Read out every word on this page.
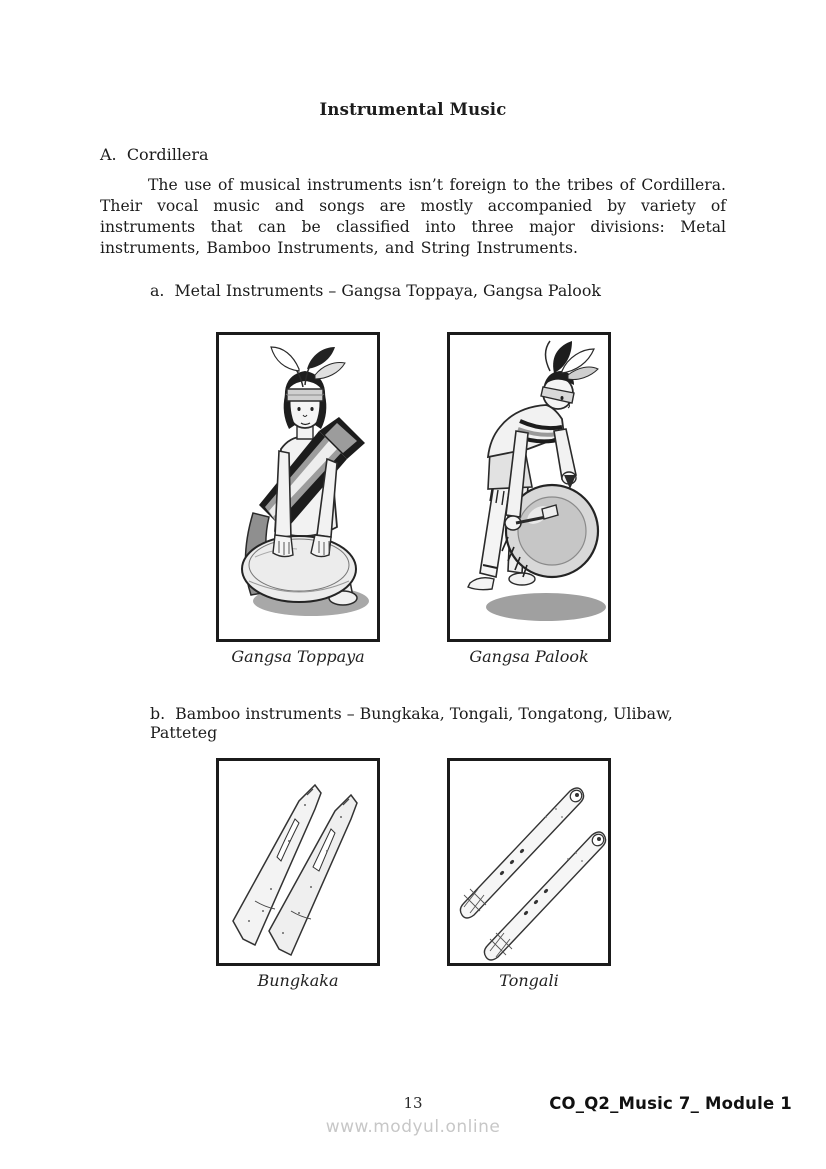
Instrumental Music
A.  Cordillera

The use of musical instruments isn’t foreign to the tribes of Cordillera. Their vocal music and songs are mostly accompanied by variety of instruments that can be classified into three major divisions: Metal instruments, Bamboo Instruments, and String Instruments.

a.  Metal Instruments – Gangsa Toppaya, Gangsa Palook
Gangsa Toppaya	Gangsa Palook
b.  Bamboo instruments – Bungkaka, Tongali, Tongatong, Ulibaw, Patteteg
Bungkaka	Tongali
13
www.modyul.online
CO_Q2_Music 7_ Module 1
